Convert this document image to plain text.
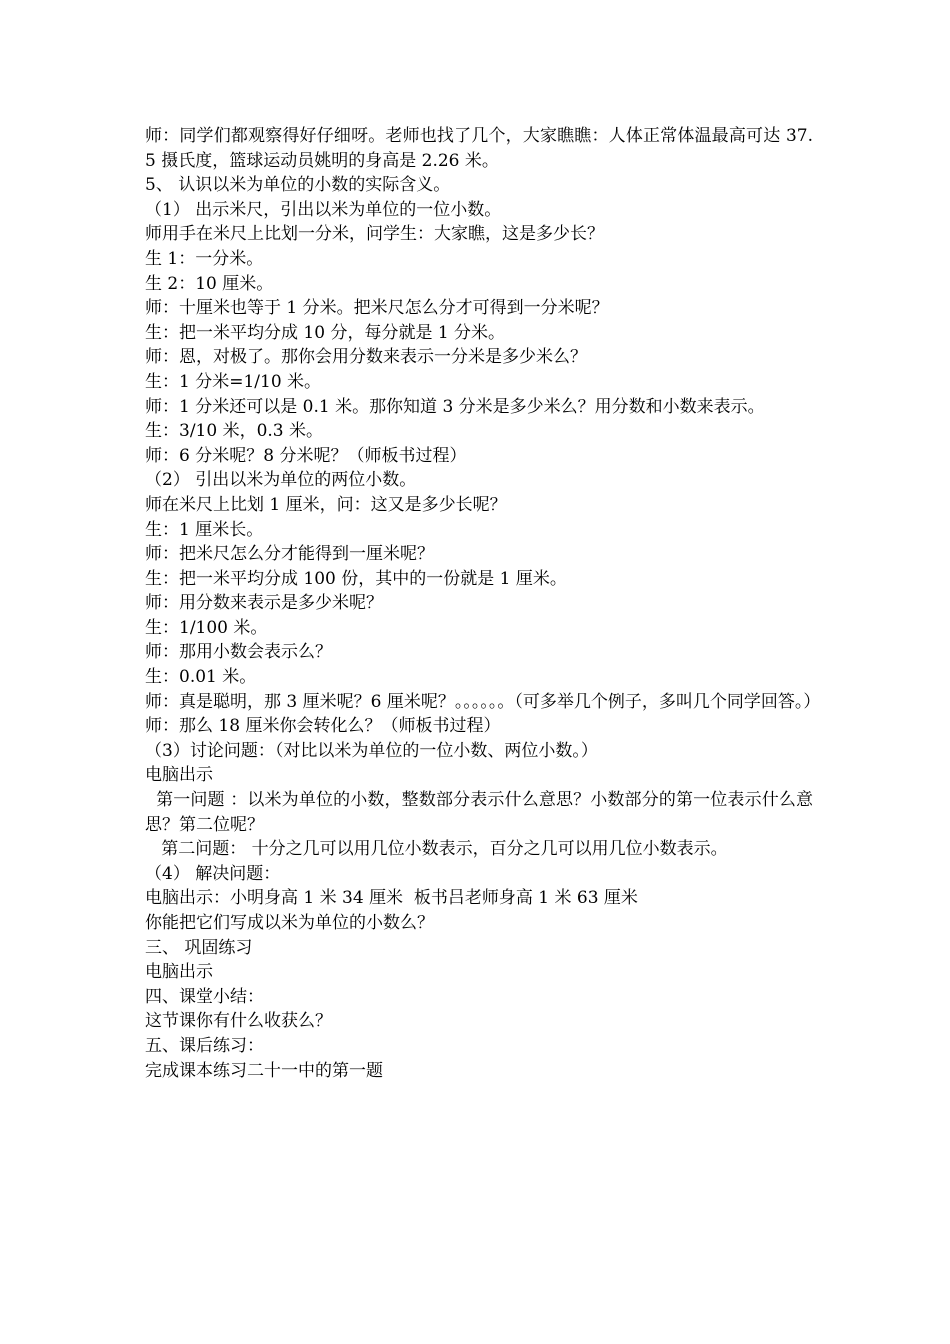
师：同学们都观察得好仔细呀。老师也找了几个，大家瞧瞧：人体正常体温最高可达 37.5 摄氏度，篮球运动员姚明的身高是 2.26 米。

5、 认识以米为单位的小数的实际含义。

（1） 出示米尺，引出以米为单位的一位小数。

师用手在米尺上比划一分米，问学生：大家瞧，这是多少长？

生 1：一分米。

生 2：10 厘米。

师：十厘米也等于 1 分米。把米尺怎么分才可得到一分米呢？

生：把一米平均分成 10 分，每分就是 1 分米。

师：恩，对极了。那你会用分数来表示一分米是多少米么？

生：1 分米=1/10 米。

师：1 分米还可以是 0.1 米。那你知道 3 分米是多少米么？用分数和小数来表示。

生：3/10 米，0.3 米。

师：6 分米呢？8 分米呢？（师板书过程）

（2） 引出以米为单位的两位小数。

师在米尺上比划 1 厘米，问：这又是多少长呢？

生：1 厘米长。

师：把米尺怎么分才能得到一厘米呢？

生：把一米平均分成 100 份，其中的一份就是 1 厘米。

师：用分数来表示是多少米呢？

生：1/100 米。

师：那用小数会表示么？

生：0.01 米。

师：真是聪明，那 3 厘米呢？6 厘米呢？。。。。。。（可多举几个例子，多叫几个同学回答。）

师：那么 18 厘米你会转化么？（师板书过程）

（3）讨论问题：（对比以米为单位的一位小数、两位小数。）

电脑出示

第一问题 ：以米为单位的小数，整数部分表示什么意思？小数部分的第一位表示什么意思？第二位呢？

第二问题： 十分之几可以用几位小数表示，百分之几可以用几位小数表示。

（4） 解决问题：

电脑出示：小明身高 1 米 34 厘米  板书吕老师身高 1 米 63 厘米

你能把它们写成以米为单位的小数么？

三、 巩固练习

电脑出示

四、课堂小结：

这节课你有什么收获么？

五、课后练习：

完成课本练习二十一中的第一题
